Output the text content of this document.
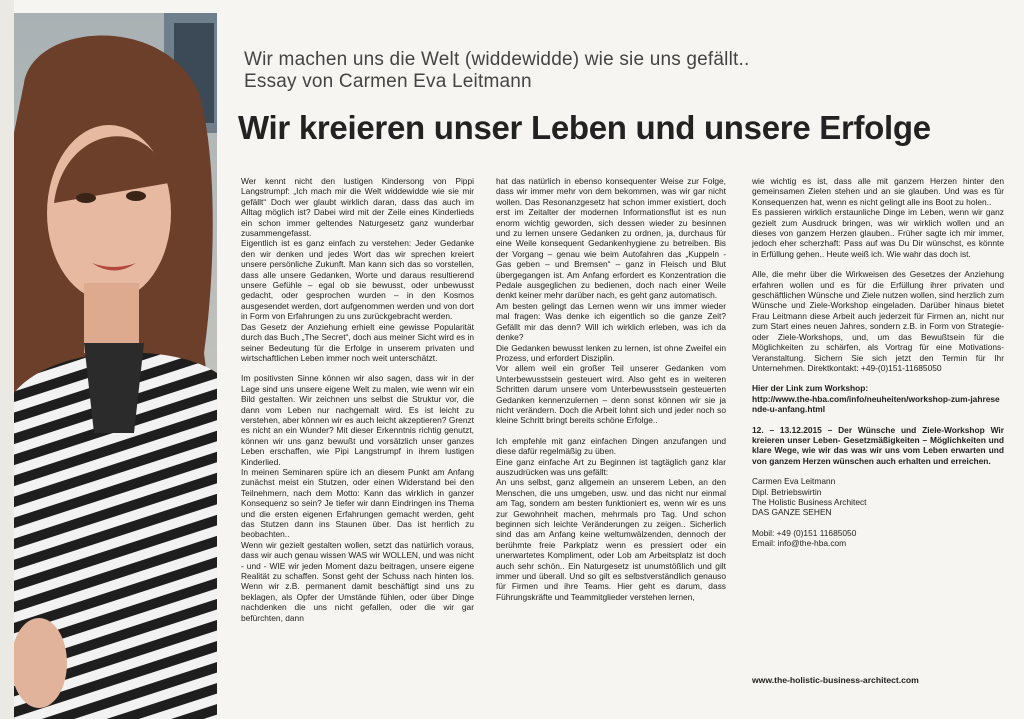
Wir machen uns die Welt (widdewidde) wie sie uns gefällt..
Essay von Carmen Eva Leitmann
Wir kreieren unser Leben und unsere Erfolge

Wer kennt nicht den lustigen Kindersong von Pippi Langstrumpf: „Ich mach mir die Welt widdewidde wie sie mir gefällt“ Doch wer glaubt wirklich daran, dass das auch im Alltag möglich ist? Dabei wird mit der Zeile eines Kinderlieds ein schon immer geltendes Naturgesetz ganz wunderbar zusammengefasst.

Eigentlich ist es ganz einfach zu verstehen: Jeder Gedanke den wir denken und jedes Wort das wir sprechen kreiert unsere persönliche Zukunft. Man kann sich das so vorstellen, dass alle unsere Gedanken, Worte und daraus resultierend unsere Gefühle – egal ob sie bewusst, oder unbewusst gedacht, oder gesprochen wurden – in den Kosmos ausgesendet werden, dort aufgenommen werden und von dort in Form von Erfahrungen zu uns zurückgebracht werden.

Das Gesetz der Anziehung erhielt eine gewisse Popularität durch das Buch „The Secret“, doch aus meiner Sicht wird es in seiner Bedeutung für die Erfolge in unserem privaten und wirtschaftlichen Leben immer noch weit unterschätzt.

Im positivsten Sinne können wir also sagen, dass wir in der Lage sind uns unsere eigene Welt zu malen, wie wenn wir ein Bild gestalten. Wir zeichnen uns selbst die Struktur vor, die dann vom Leben nur nachgemalt wird. Es ist leicht zu verstehen, aber können wir es auch leicht akzeptieren? Grenzt es nicht an ein Wunder? Mit dieser Erkenntnis richtig genutzt, können wir uns ganz bewußt und vorsätzlich unser ganzes Leben erschaffen, wie Pipi Langstrumpf in ihrem lustigen Kinderlied.

In meinen Seminaren spüre ich an diesem Punkt am Anfang zunächst meist ein Stutzen, oder einen Widerstand bei den Teilnehmern, nach dem Motto: Kann das wirklich in ganzer Konsequenz so sein? Je tiefer wir dann Eindringen ins Thema und die ersten eigenen Erfahrungen gemacht werden, geht das Stutzen dann ins Staunen über. Das ist herrlich zu beobachten..

Wenn wir gezielt gestalten wollen, setzt das natürlich voraus, dass wir auch genau wissen WAS wir WOLLEN, und was nicht - und - WIE wir jeden Moment dazu beitragen, unsere eigene Realität zu schaffen. Sonst geht der Schuss nach hinten los. Wenn wir z.B. permanent damit beschäftigt sind uns zu beklagen, als Opfer der Umstände fühlen, oder über Dinge nachdenken die uns nicht gefallen, oder die wir gar befürchten, dann

hat das natürlich in ebenso konsequenter Weise zur Folge, dass wir immer mehr von dem bekommen, was wir gar nicht wollen. Das Resonanzgesetz hat schon immer existiert, doch erst im Zeitalter der modernen Informationsflut ist es nun enorm wichtig geworden, sich dessen wieder zu besinnen und zu lernen unsere Gedanken zu ordnen, ja, durchaus für eine Weile konsequent Gedankenhygiene zu betreiben. Bis der Vorgang – genau wie beim Autofahren das „Kuppeln - Gas geben – und Bremsen“ – ganz in Fleisch und Blut übergegangen ist. Am Anfang erfordert es Konzentration die Pedale ausgeglichen zu bedienen, doch nach einer Weile denkt keiner mehr darüber nach, es geht ganz automatisch.

Am besten gelingt das Lernen wenn wir uns immer wieder mal fragen: Was denke ich eigentlich so die ganze Zeit? Gefällt mir das denn? Will ich wirklich erleben, was ich da denke?

Die Gedanken bewusst lenken zu lernen, ist ohne Zweifel ein Prozess, und erfordert Disziplin.

Vor allem weil ein großer Teil unserer Gedanken vom Unterbewusstsein gesteuert wird. Also geht es in weiteren Schritten darum unsere vom Unterbewusstsein gesteuerten Gedanken kennenzulernen – denn sonst können wir sie ja nicht verändern. Doch die Arbeit lohnt sich und jeder noch so kleine Schritt bringt bereits schöne Erfolge..

Ich empfehle mit ganz einfachen Dingen anzufangen und diese dafür regelmäßig zu üben.

Eine ganz einfache Art zu Beginnen ist tagtäglich ganz klar auszudrücken was uns gefällt:

An uns selbst, ganz allgemein an unserem Leben, an den Menschen, die uns umgeben, usw. und das nicht nur einmal am Tag, sondern am besten funktioniert es, wenn wir es uns zur Gewohnheit machen, mehrmals pro Tag. Und schon beginnen sich leichte Veränderungen zu zeigen.. Sicherlich sind das am Anfang keine weltumwälzenden, dennoch der berühmte freie Parkplatz wenn es pressiert oder ein unerwartetes Kompliment, oder Lob am Arbeitsplatz ist doch auch sehr schön.. Ein Naturgesetz ist unumstößlich und gilt immer und überall. Und so gilt es selbstverständlich genauso für Firmen und ihre Teams. Hier geht es darum, dass Führungskräfte und Teammitglieder verstehen lernen,

wie wichtig es ist, dass alle mit ganzem Herzen hinter den gemeinsamen Zielen stehen und an sie glauben. Und was es für Konsequenzen hat, wenn es nicht gelingt alle ins Boot zu holen..

Es passieren wirklich erstaunliche Dinge im Leben, wenn wir ganz gezielt zum Ausdruck bringen, was wir wirklich wollen und an dieses von ganzem Herzen glauben.. Früher sagte ich mir immer, jedoch eher scherzhaft: Pass auf was Du Dir wünschst, es könnte in Erfüllung gehen.. Heute weiß ich. Wie wahr das doch ist.

Alle, die mehr über die Wirkweisen des Gesetzes der Anziehung erfahren wollen und es für die Erfüllung ihrer privaten und geschäftlichen Wünsche und Ziele nutzen wollen, sind herzlich zum Wünsche und Ziele-Workshop eingeladen. Darüber hinaus bietet Frau Leitmann diese Arbeit auch jederzeit für Firmen an, nicht nur zum Start eines neuen Jahres, sondern z.B. in Form von Strategie- oder Ziele-Workshops, und, um das Bewußtsein für die Möglichkeiten zu schärfen, als Vortrag für eine Motivations-Veranstaltung. Sichern Sie sich jetzt den Termin für Ihr Unternehmen. Direktkontakt: +49-(0)151-11685050

Hier der Link zum Workshop:

http://www.the-hba.com/info/neuheiten/workshop-zum-jahresende-u-anfang.html

12. – 13.12.2015 – Der Wünsche und Ziele-Workshop Wir kreieren unser Leben- Gesetzmäßigkeiten – Möglichkeiten und klare Wege, wie wir das was wir uns vom Leben erwarten und von ganzem Herzen wünschen auch erhalten und erreichen.

Carmen Eva Leitmann

Dipl. Betriebswirtin

The Holistic Business Architect

DAS GANZE SEHEN

Mobil: +49 (0)151 11685050

Email: info@the-hba.com

www.the-holistic-business-architect.com
